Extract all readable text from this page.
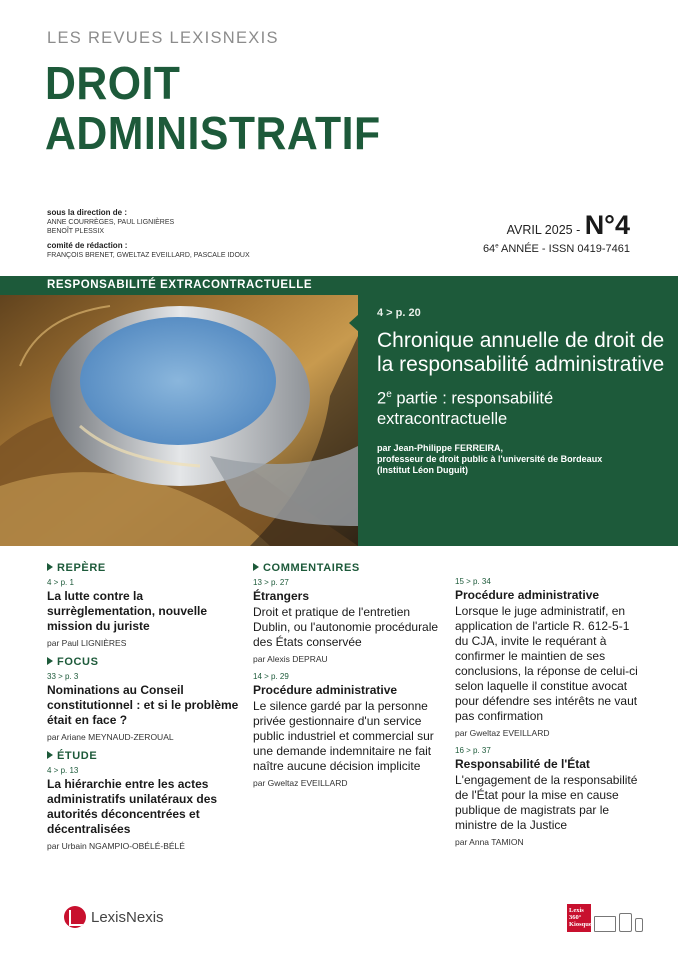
LES REVUES LEXISNEXIS
DROIT
ADMINISTRATIF
sous la direction de :
ANNE COURRÈGES, PAUL LIGNIÈRES
BENOÎT PLESSIX
comité de rédaction :
FRANÇOIS BRENET, GWELTAZ EVEILLARD, PASCALE IDOUX
AVRIL 2025 - N°4
64e ANNÉE - ISSN 0419-7461
RESPONSABILITÉ EXTRACONTRACTUELLE
4 > p. 20
Chronique annuelle de droit de la responsabilité administrative
2e partie : responsabilité extracontractuelle
par Jean-Philippe FERREIRA,
professeur de droit public à l'université de Bordeaux
(Institut Léon Duguit)
REPÈRE
4 > p. 1
La lutte contre la surrèglementation, nouvelle mission du juriste
par Paul LIGNIÈRES
FOCUS
33 > p. 3
Nominations au Conseil constitutionnel : et si le problème était en face ?
par Ariane MEYNAUD-ZEROUAL
ÉTUDE
4 > p. 13
La hiérarchie entre les actes administratifs unilatéraux des autorités déconcentrées et décentralisées
par Urbain NGAMPIO-OBÉLÉ-BÉLÉ
COMMENTAIRES
13 > p. 27
Étrangers
Droit et pratique de l'entretien Dublin, ou l'autonomie procédurale des États conservée
par Alexis DEPRAU
14 > p. 29
Procédure administrative
Le silence gardé par la personne privée gestionnaire d'un service public industriel et commercial sur une demande indemnitaire ne fait naître aucune décision implicite
par Gweltaz EVEILLARD
15 > p. 34
Procédure administrative
Lorsque le juge administratif, en application de l'article R. 612-5-1 du CJA, invite le requérant à confirmer le maintien de ses conclusions, la réponse de celui-ci selon laquelle il constitue avocat pour défendre ses intérêts ne vaut pas confirmation
par Gweltaz EVEILLARD
16 > p. 37
Responsabilité de l'État
L'engagement de la responsabilité de l'État pour la mise en cause publique de magistrats par le ministre de la Justice
par Anna TAMION
LexisNexis	Lexis
360°
Kiosque
